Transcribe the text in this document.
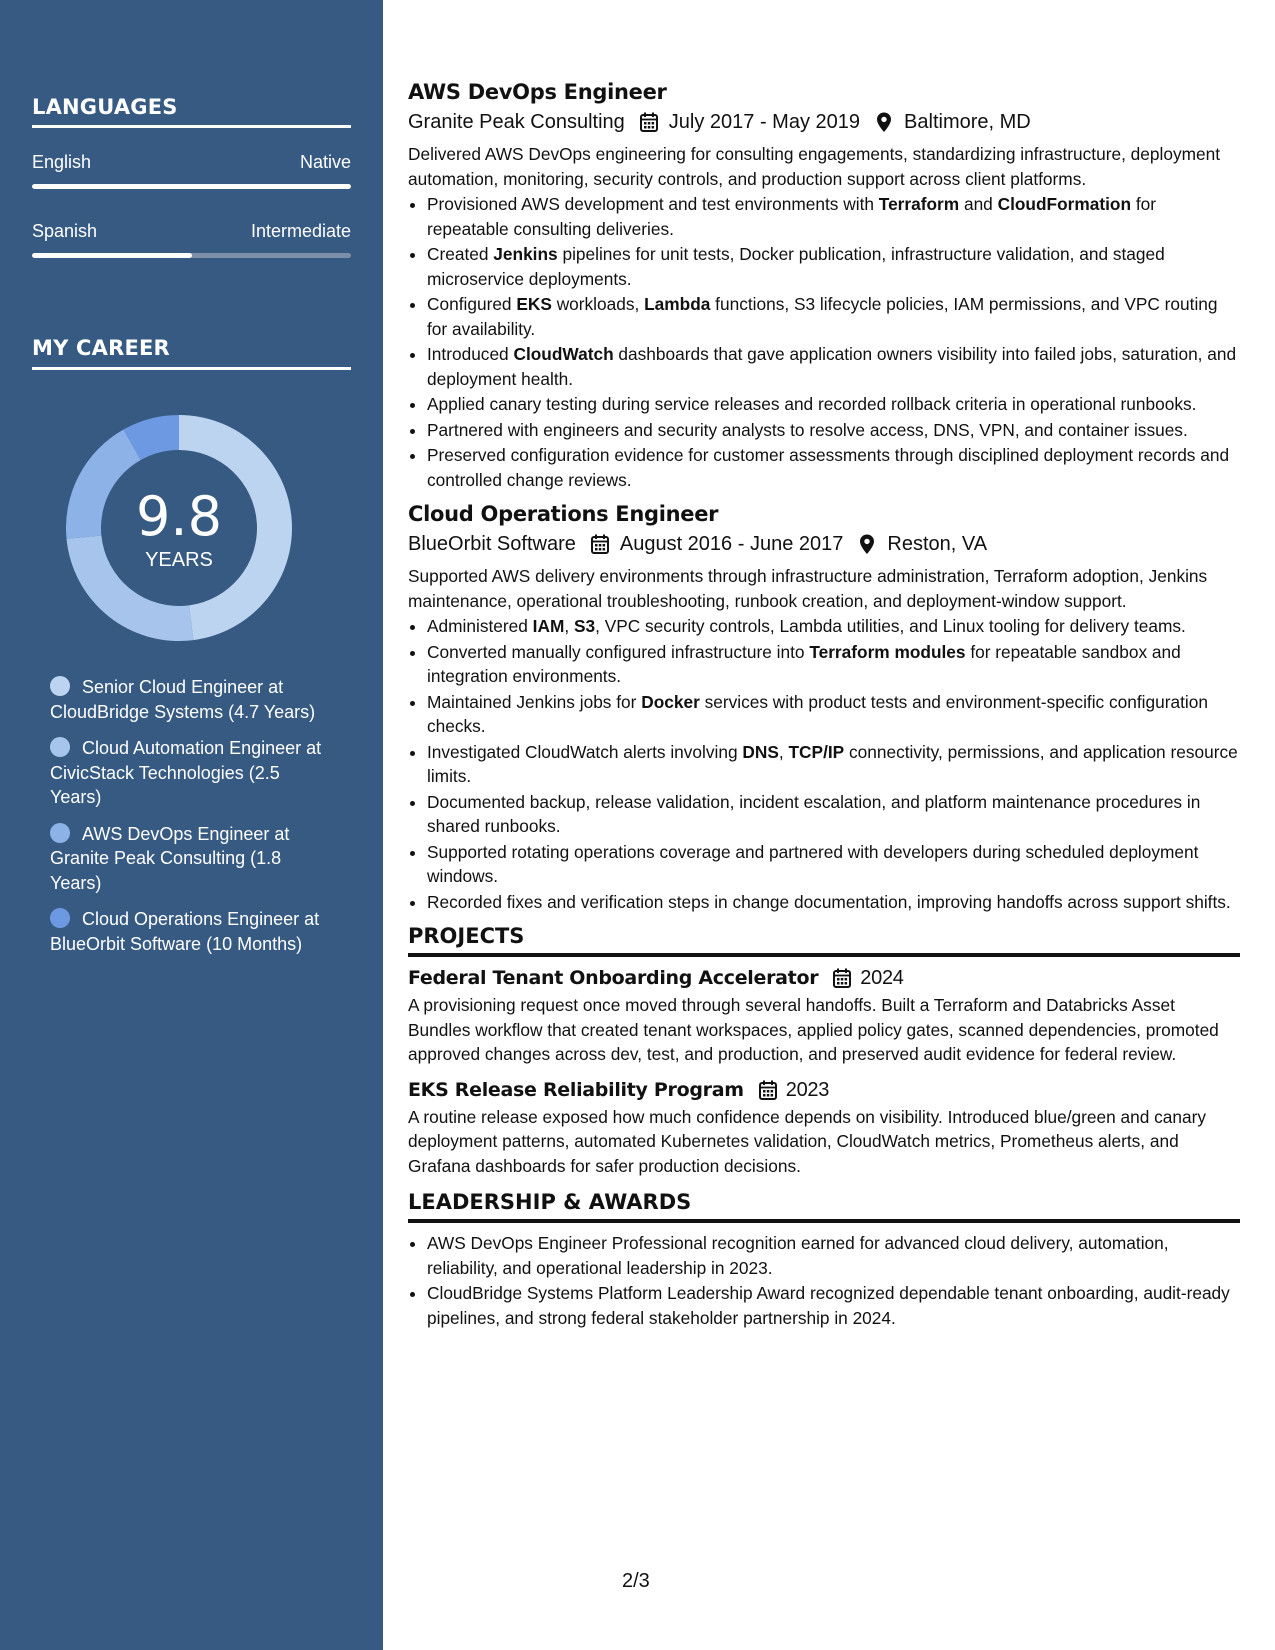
LANGUAGES
English	Native
Spanish	Intermediate
MY CAREER
9.8
YEARS
Senior Cloud Engineer at CloudBridge Systems (4.7 Years)
Cloud Automation Engineer at CivicStack Technologies (2.5 Years)
AWS DevOps Engineer at Granite Peak Consulting (1.8 Years)
Cloud Operations Engineer at BlueOrbit Software (10 Months)
AWS DevOps Engineer
Granite Peak Consulting July 2017 - May 2019 Baltimore, MD

Delivered AWS DevOps engineering for consulting engagements, standardizing infrastructure, deployment automation, monitoring, security controls, and production support across client platforms.

• Provisioned AWS development and test environments with Terraform and CloudFormation for repeatable consulting deliveries.
• Created Jenkins pipelines for unit tests, Docker publication, infrastructure validation, and staged microservice deployments.
• Configured EKS workloads, Lambda functions, S3 lifecycle policies, IAM permissions, and VPC routing for availability.
• Introduced CloudWatch dashboards that gave application owners visibility into failed jobs, saturation, and deployment health.
• Applied canary testing during service releases and recorded rollback criteria in operational runbooks.
• Partnered with engineers and security analysts to resolve access, DNS, VPN, and container issues.
• Preserved configuration evidence for customer assessments through disciplined deployment records and controlled change reviews.
Cloud Operations Engineer
BlueOrbit Software August 2016 - June 2017 Reston, VA

Supported AWS delivery environments through infrastructure administration, Terraform adoption, Jenkins maintenance, operational troubleshooting, runbook creation, and deployment-window support.

• Administered IAM, S3, VPC security controls, Lambda utilities, and Linux tooling for delivery teams.
• Converted manually configured infrastructure into Terraform modules for repeatable sandbox and integration environments.
• Maintained Jenkins jobs for Docker services with product tests and environment-specific configuration checks.
• Investigated CloudWatch alerts involving DNS, TCP/IP connectivity, permissions, and application resource limits.
• Documented backup, release validation, incident escalation, and platform maintenance procedures in shared runbooks.
• Supported rotating operations coverage and partnered with developers during scheduled deployment windows.
• Recorded fixes and verification steps in change documentation, improving handoffs across support shifts.
PROJECTS
Federal Tenant Onboarding Accelerator 2024

A provisioning request once moved through several handoffs. Built a Terraform and Databricks Asset Bundles workflow that created tenant workspaces, applied policy gates, scanned dependencies, promoted approved changes across dev, test, and production, and preserved audit evidence for federal review.

EKS Release Reliability Program 2023

A routine release exposed how much confidence depends on visibility. Introduced blue/green and canary deployment patterns, automated Kubernetes validation, CloudWatch metrics, Prometheus alerts, and Grafana dashboards for safer production decisions.

LEADERSHIP & AWARDS
• AWS DevOps Engineer Professional recognition earned for advanced cloud delivery, automation, reliability, and operational leadership in 2023.
• CloudBridge Systems Platform Leadership Award recognized dependable tenant onboarding, audit-ready pipelines, and strong federal stakeholder partnership in 2024.
2/3
